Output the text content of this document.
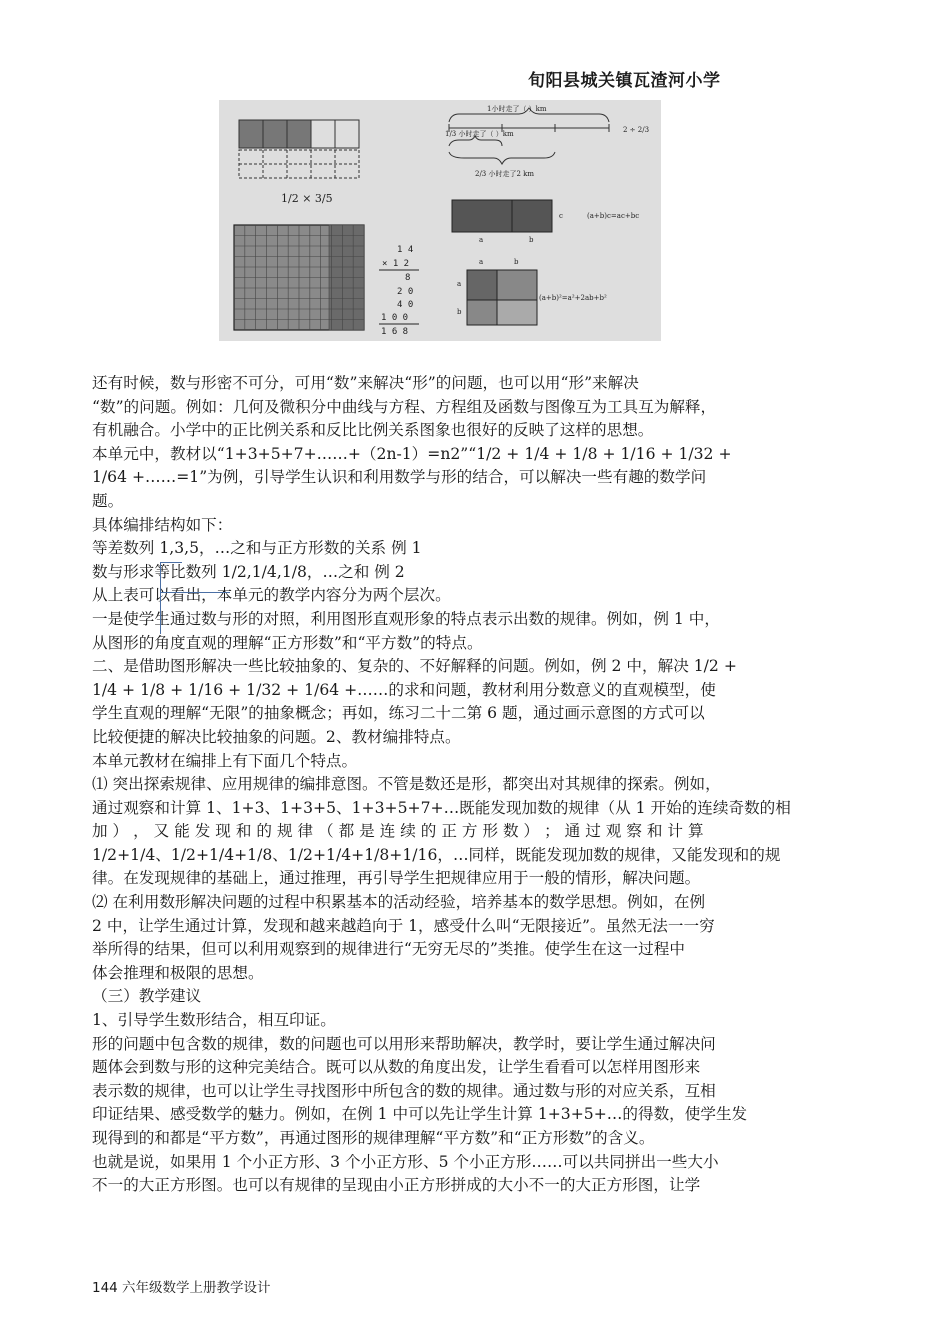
旬阳县城关镇瓦渣河小学
1/2 × 3/5
1 4
× 1 2
8
2 0
4 0
1 0 0
1 6 8
1小时走了（ ）km
1/3 小时走了（ ）km
2/3 小时走了2 km
2 ÷ 2/3
a	b
c	(a+b)c=ac+bc
a	b
a
b
(a+b)²=a²+2ab+b²

还有时候，数与形密不可分，可用“数”来解决“形”的问题，也可以用“形”来解决

“数”的问题。例如：几何及微积分中曲线与方程、方程组及函数与图像互为工具互为解释，

有机融合。小学中的正比例关系和反比比例关系图象也很好的反映了这样的思想。

本单元中，教材以“1+3+5+7+……+（2n-1）=n2”“1/2 + 1/4 + 1/8 + 1/16 + 1/32 +

1/64 +……=1”为例，引导学生认识和利用数学与形的结合，可以解决一些有趣的数学问

题。

具体编排结构如下：

等差数列 1,3,5，…之和与正方形数的关系 例 1

数与形求等比数列 1/2,1/4,1/8，…之和 例 2

从上表可以看出，本单元的教学内容分为两个层次。

一是使学生通过数与形的对照，利用图形直观形象的特点表示出数的规律。例如，例 1 中，

从图形的角度直观的理解“正方形数”和“平方数”的特点。

二、是借助图形解决一些比较抽象的、复杂的、不好解释的问题。例如，例 2 中，解决 1/2 +

1/4 + 1/8 + 1/16 + 1/32 + 1/64 +……的求和问题，教材利用分数意义的直观模型，使

学生直观的理解“无限”的抽象概念；再如，练习二十二第 6 题，通过画示意图的方式可以

比较便捷的解决比较抽象的问题。2、教材编排特点。

本单元教材在编排上有下面几个特点。

⑴ 突出探索规律、应用规律的编排意图。不管是数还是形，都突出对其规律的探索。例如，

通过观察和计算 1、1+3、1+3+5、1+3+5+7+…既能发现加数的规律（从 1 开始的连续奇数的相

加 ） ， 又 能 发 现 和 的 规 律 （ 都 是 连 续 的 正 方 形 数 ） ； 通 过 观 察 和 计 算

1/2+1/4、1/2+1/4+1/8、1/2+1/4+1/8+1/16，…同样，既能发现加数的规律，又能发现和的规

律。在发现规律的基础上，通过推理，再引导学生把规律应用于一般的情形，解决问题。

⑵ 在利用数形解决问题的过程中积累基本的活动经验，培养基本的数学思想。例如，在例

2 中，让学生通过计算，发现和越来越趋向于 1，感受什么叫“无限接近”。虽然无法一一穷

举所得的结果，但可以利用观察到的规律进行“无穷无尽的”类推。使学生在这一过程中

体会推理和极限的思想。

（三）教学建议

1、引导学生数形结合，相互印证。

形的问题中包含数的规律，数的问题也可以用形来帮助解决，教学时，要让学生通过解决问

题体会到数与形的这种完美结合。既可以从数的角度出发，让学生看看可以怎样用图形来

表示数的规律，也可以让学生寻找图形中所包含的数的规律。通过数与形的对应关系，互相

印证结果、感受数学的魅力。例如，在例 1 中可以先让学生计算 1+3+5+…的得数，使学生发

现得到的和都是“平方数”，再通过图形的规律理解“平方数”和“正方形数”的含义。

也就是说，如果用 1 个小正方形、3 个小正方形、5 个小正方形……可以共同拼出一些大小

不一的大正方形图。也可以有规律的呈现由小正方形拼成的大小不一的大正方形图，让学

144 六年级数学上册教学设计
